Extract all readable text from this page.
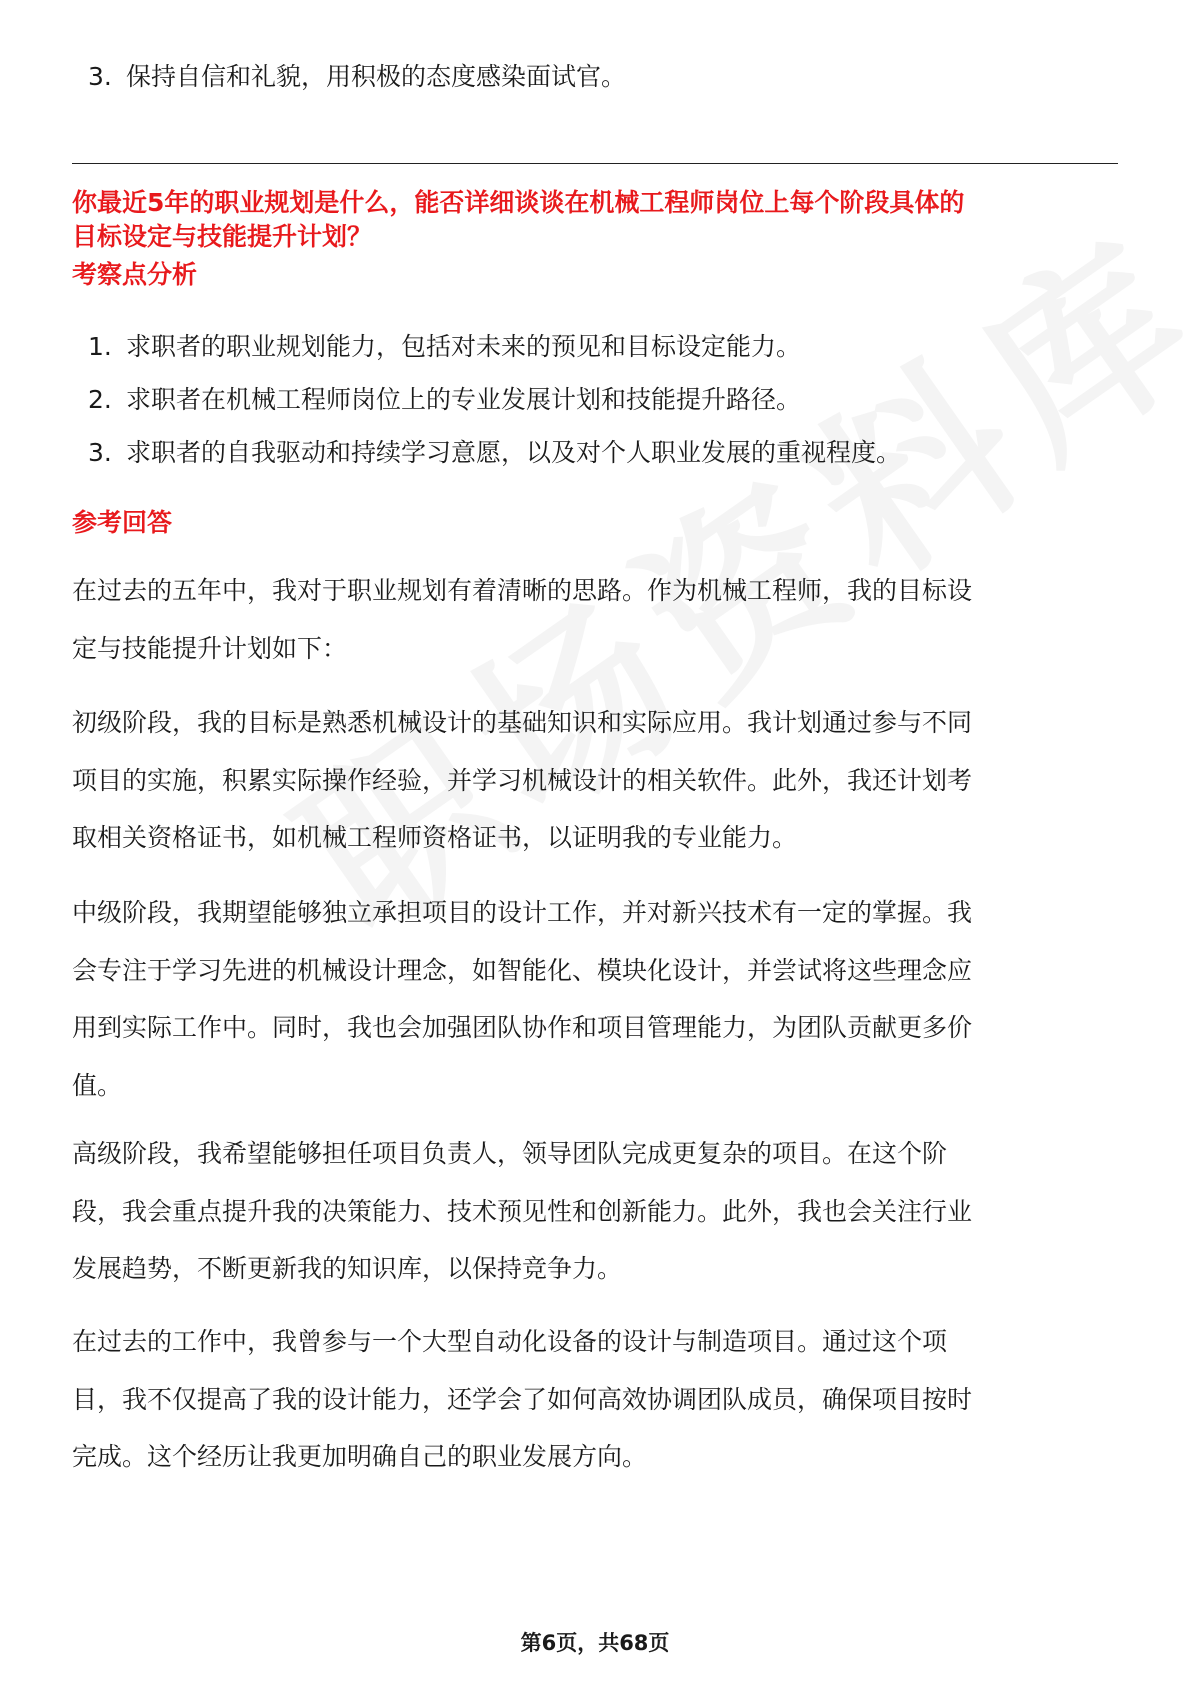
3. 保持自信和礼貌，用积极的态度感染面试官。
你最近5年的职业规划是什么，能否详细谈谈在机械工程师岗位上每个阶段具体的
目标设定与技能提升计划？
考察点分析
1. 求职者的职业规划能力，包括对未来的预见和目标设定能力。
2. 求职者在机械工程师岗位上的专业发展计划和技能提升路径。
3. 求职者的自我驱动和持续学习意愿，以及对个人职业发展的重视程度。
参考回答
在过去的五年中，我对于职业规划有着清晰的思路。作为机械工程师，我的目标设
定与技能提升计划如下：
初级阶段，我的目标是熟悉机械设计的基础知识和实际应用。我计划通过参与不同
项目的实施，积累实际操作经验，并学习机械设计的相关软件。此外，我还计划考
取相关资格证书，如机械工程师资格证书，以证明我的专业能力。
中级阶段，我期望能够独立承担项目的设计工作，并对新兴技术有一定的掌握。我
会专注于学习先进的机械设计理念，如智能化、模块化设计，并尝试将这些理念应
用到实际工作中。同时，我也会加强团队协作和项目管理能力，为团队贡献更多价
值。
高级阶段，我希望能够担任项目负责人，领导团队完成更复杂的项目。在这个阶
段，我会重点提升我的决策能力、技术预见性和创新能力。此外，我也会关注行业
发展趋势，不断更新我的知识库，以保持竞争力。
在过去的工作中，我曾参与一个大型自动化设备的设计与制造项目。通过这个项
目，我不仅提高了我的设计能力，还学会了如何高效协调团队成员，确保项目按时
完成。这个经历让我更加明确自己的职业发展方向。
第6页，共68页
